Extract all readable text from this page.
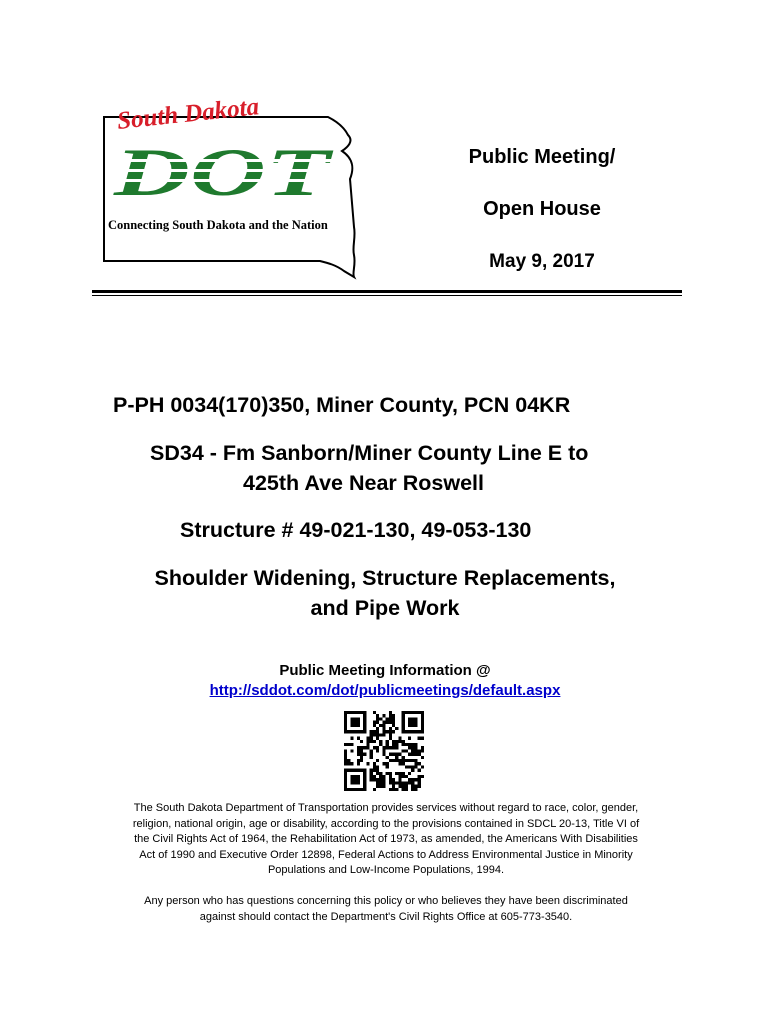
South Dakota
Connecting South Dakota and the Nation
Public Meeting/
Open House
May 9, 2017
P-PH 0034(170)350, Miner County, PCN 04KR
SD34 - Fm Sanborn/Miner County Line E to
425th Ave Near Roswell
Structure # 49-021-130, 49-053-130
Shoulder Widening, Structure Replacements,
and Pipe Work
Public Meeting Information @
http://sddot.com/dot/publicmeetings/default.aspx
The South Dakota Department of Transportation provides services without regard to race, color, gender,
religion, national origin, age or disability, according to the provisions contained in SDCL 20-13, Title VI of
the Civil Rights Act of 1964, the Rehabilitation Act of 1973, as amended, the Americans With Disabilities
Act of 1990 and Executive Order 12898, Federal Actions to Address Environmental Justice in Minority
Populations and Low-Income Populations, 1994.
Any person who has questions concerning this policy or who believes they have been discriminated
against should contact the Department's Civil Rights Office at 605-773-3540.
